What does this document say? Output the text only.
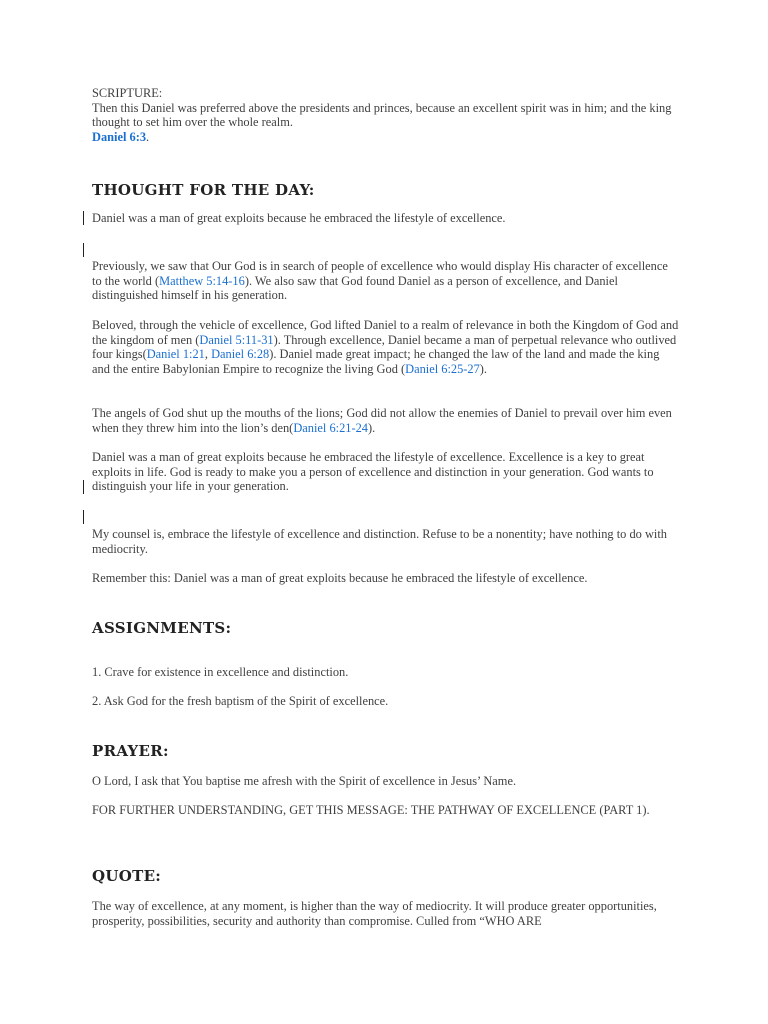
SCRIPTURE:

Then this Daniel was preferred above the presidents and princes, because an excellent spirit was in him; and the king thought to set him over the whole realm.

Daniel 6:3.

THOUGHT FOR THE DAY:

Daniel was a man of great exploits because he embraced the lifestyle of excellence.

Previously, we saw that Our God is in search of people of excellence who would display His character of excellence to the world (Matthew 5:14-16). We also saw that God found Daniel as a person of excellence, and Daniel distinguished himself in his generation.

Beloved, through the vehicle of excellence, God lifted Daniel to a realm of relevance in both the Kingdom of God and the kingdom of men (Daniel 5:11-31). Through excellence, Daniel became a man of perpetual relevance who outlived four kings(Daniel 1:21, Daniel 6:28). Daniel made great impact; he changed the law of the land and made the king and the entire Babylonian Empire to recognize the living God (Daniel 6:25-27).

The angels of God shut up the mouths of the lions; God did not allow the enemies of Daniel to prevail over him even when they threw him into the lion’s den(Daniel 6:21-24).

Daniel was a man of great exploits because he embraced the lifestyle of excellence. Excellence is a key to great exploits in life. God is ready to make you a person of excellence and distinction in your generation. God wants to distinguish your life in your generation.

My counsel is, embrace the lifestyle of excellence and distinction. Refuse to be a nonentity; have nothing to do with mediocrity.

Remember this: Daniel was a man of great exploits because he embraced the lifestyle of excellence.

ASSIGNMENTS:

1. Crave for existence in excellence and distinction.

2. Ask God for the fresh baptism of the Spirit of excellence.

PRAYER:

O Lord, I ask that You baptise me afresh with the Spirit of excellence in Jesus’ Name.

FOR FURTHER UNDERSTANDING, GET THIS MESSAGE: THE PATHWAY OF EXCELLENCE (PART 1).

QUOTE:

The way of excellence, at any moment, is higher than the way of mediocrity. It will produce greater opportunities, prosperity, possibilities, security and authority than compromise. Culled from “WHO ARE
